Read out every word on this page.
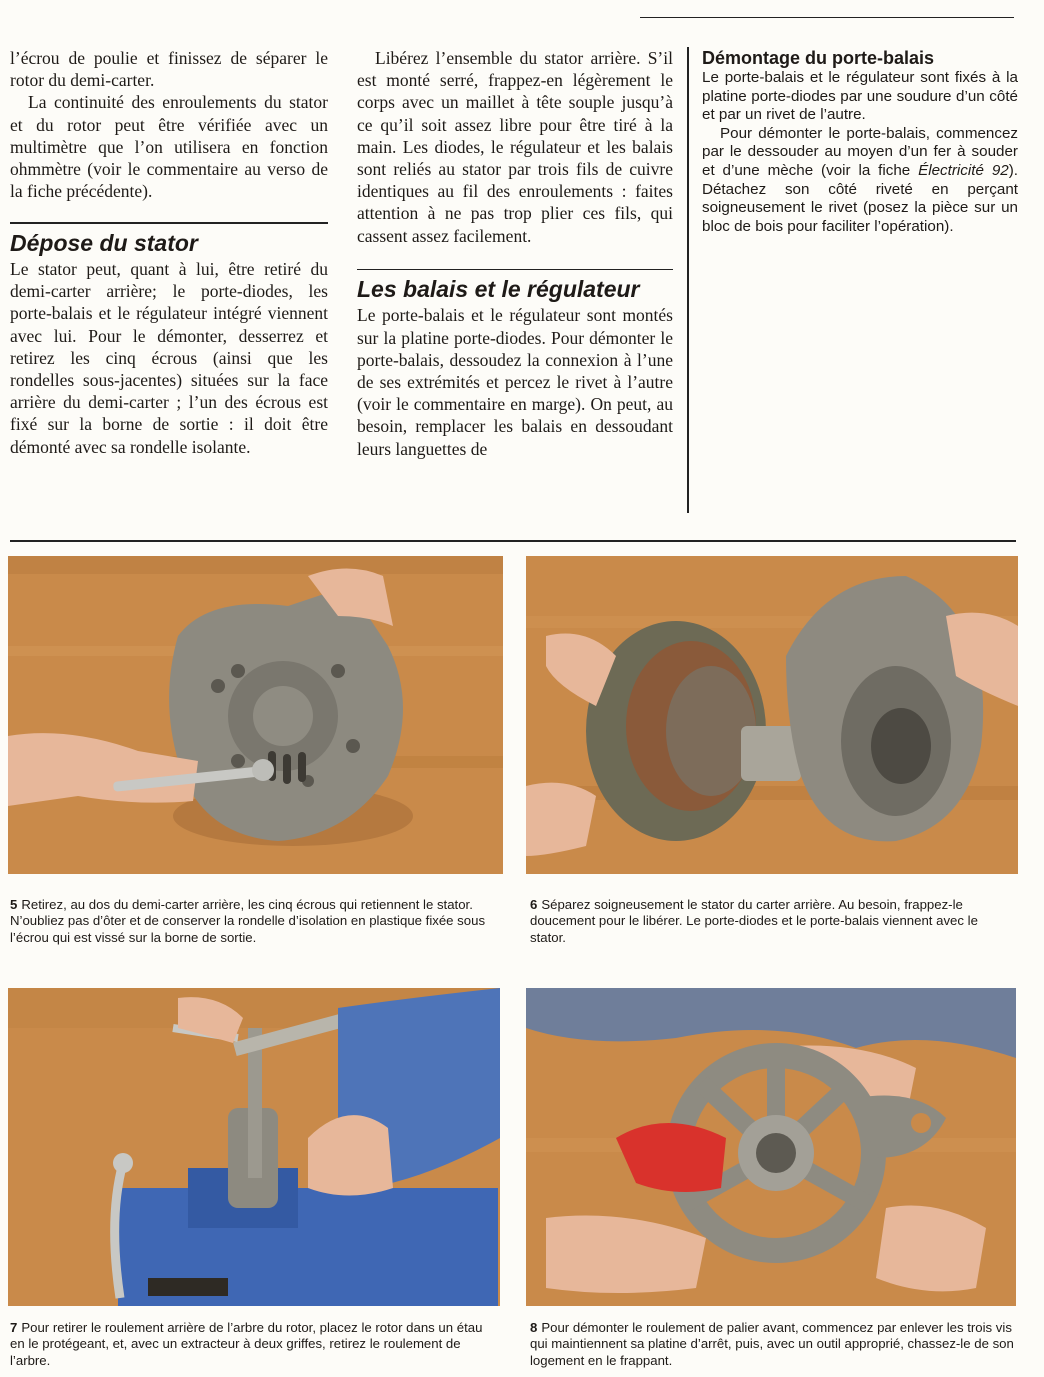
l’écrou de poulie et finissez de séparer le rotor du demi-carter.

La continuité des enroulements du stator et du rotor peut être vérifiée avec un multimètre que l’on utilisera en fonction ohmmètre (voir le commentaire au verso de la fiche précédente).

Dépose du stator

Le stator peut, quant à lui, être retiré du demi-carter arrière; le porte-diodes, les porte-balais et le régulateur intégré viennent avec lui. Pour le démonter, desserrez et retirez les cinq écrous (ainsi que les rondelles sous-jacentes) situées sur la face arrière du demi-carter ; l’un des écrous est fixé sur la borne de sortie : il doit être démonté avec sa rondelle isolante.

Libérez l’ensemble du stator arrière. S’il est monté serré, frappez-en légèrement le corps avec un maillet à tête souple jusqu’à ce qu’il soit assez libre pour être tiré à la main. Les diodes, le régulateur et les balais sont reliés au stator par trois fils de cuivre identiques au fil des enroulements : faites attention à ne pas trop plier ces fils, qui cassent assez facilement.

Les balais et le régulateur

Le porte-balais et le régulateur sont montés sur la platine porte-diodes. Pour démonter le porte-balais, dessoudez la connexion à l’une de ses extrémités et percez le rivet à l’autre (voir le commentaire en marge). On peut, au besoin, remplacer les balais en dessoudant leurs languettes de

Démontage du porte-balais

Le porte-balais et le régulateur sont fixés à la platine porte-diodes par une soudure d’un côté et par un rivet de l’autre.

Pour démonter le porte-balais, commencez par le dessouder au moyen d’un fer à souder et d’une mèche (voir la fiche Électricité 92). Détachez son côté riveté en perçant soigneusement le rivet (posez la pièce sur un bloc de bois pour faciliter l’opération).

5 Retirez, au dos du demi-carter arrière, les cinq écrous qui retiennent le stator. N’oubliez pas d’ôter et de conserver la rondelle d’isolation en plastique fixée sous l’écrou qui est vissé sur la borne de sortie.
6 Séparez soigneusement le stator du carter arrière. Au besoin, frappez-le doucement pour le libérer. Le porte-diodes et le porte-balais viennent avec le stator.
7 Pour retirer le roulement arrière de l’arbre du rotor, placez le rotor dans un étau en le protégeant, et, avec un extracteur à deux griffes, retirez le roulement de l’arbre.
8 Pour démonter le roulement de palier avant, commencez par enlever les trois vis qui maintiennent sa platine d’arrêt, puis, avec un outil approprié, chassez-le de son logement en le frappant.
